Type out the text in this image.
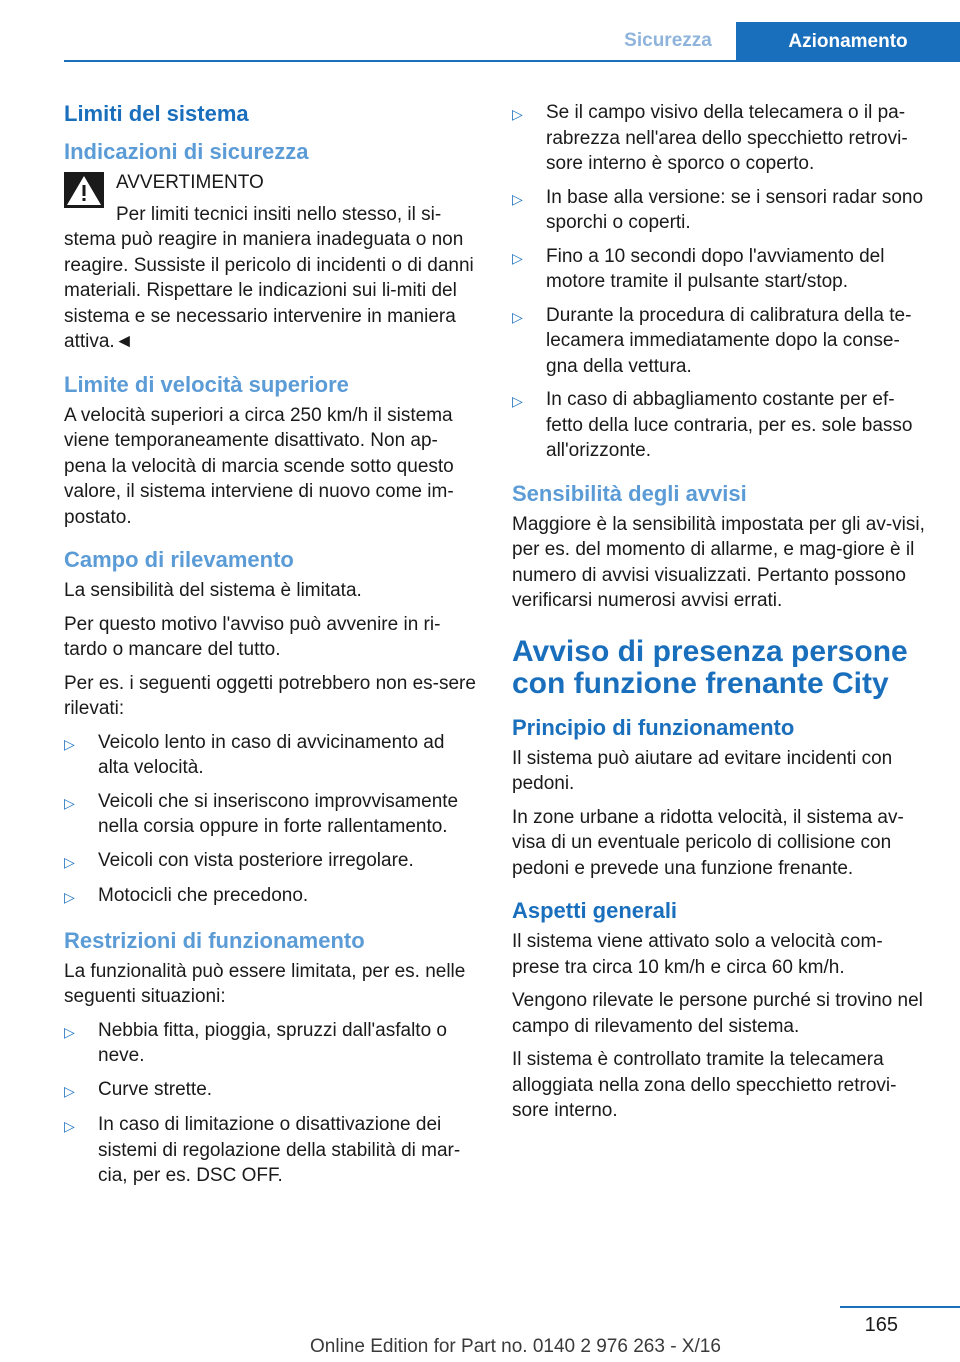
Sicurezza	Azionamento
Limiti del sistema
Indicazioni di sicurezza
AVVERTIMENTO
Per limiti tecnici insiti nello stesso, il si-

stema può reagire in maniera inadeguata o non reagire. Sussiste il pericolo di incidenti o di danni materiali. Rispettare le indicazioni sui li-miti del sistema e se necessario intervenire in maniera attiva.◄

Limite di velocità superiore

A velocità superiori a circa 250 km/h il sistema viene temporaneamente disattivato. Non ap-pena la velocità di marcia scende sotto questo valore, il sistema interviene di nuovo come im-postato.

Campo di rilevamento

La sensibilità del sistema è limitata.

Per questo motivo l'avviso può avvenire in ri-tardo o mancare del tutto.

Per es. i seguenti oggetti potrebbero non es-sere rilevati:

▷	Veicolo lento in caso di avvicinamento ad alta velocità.
▷	Veicoli che si inseriscono improvvisamente nella corsia oppure in forte rallentamento.
▷	Veicoli con vista posteriore irregolare.
▷	Motocicli che precedono.
Restrizioni di funzionamento

La funzionalità può essere limitata, per es. nelle seguenti situazioni:

▷	Nebbia fitta, pioggia, spruzzi dall'asfalto o neve.
▷	Curve strette.
▷	In caso di limitazione o disattivazione dei sistemi di regolazione della stabilità di mar-cia, per es. DSC OFF.
▷	Se il campo visivo della telecamera o il pa-rabrezza nell'area dello specchietto retrovi-sore interno è sporco o coperto.
▷	In base alla versione: se i sensori radar sono sporchi o coperti.
▷	Fino a 10 secondi dopo l'avviamento del motore tramite il pulsante start/stop.
▷	Durante la procedura di calibratura della te-lecamera immediatamente dopo la conse-gna della vettura.
▷	In caso di abbagliamento costante per ef-fetto della luce contraria, per es. sole basso all'orizzonte.
Sensibilità degli avvisi

Maggiore è la sensibilità impostata per gli av-visi, per es. del momento di allarme, e mag-giore è il numero di avvisi visualizzati. Pertanto possono verificarsi numerosi avvisi errati.

Avviso di presenza persone con funzione frenante City
Principio di funzionamento

Il sistema può aiutare ad evitare incidenti con pedoni.

In zone urbane a ridotta velocità, il sistema av-visa di un eventuale pericolo di collisione con pedoni e prevede una funzione frenante.

Aspetti generali

Il sistema viene attivato solo a velocità com-prese tra circa 10 km/h e circa 60 km/h.

Vengono rilevate le persone purché si trovino nel campo di rilevamento del sistema.

Il sistema è controllato tramite la telecamera alloggiata nella zona dello specchietto retrovi-sore interno.

165
Online Edition for Part no. 0140 2 976 263 - X/16
